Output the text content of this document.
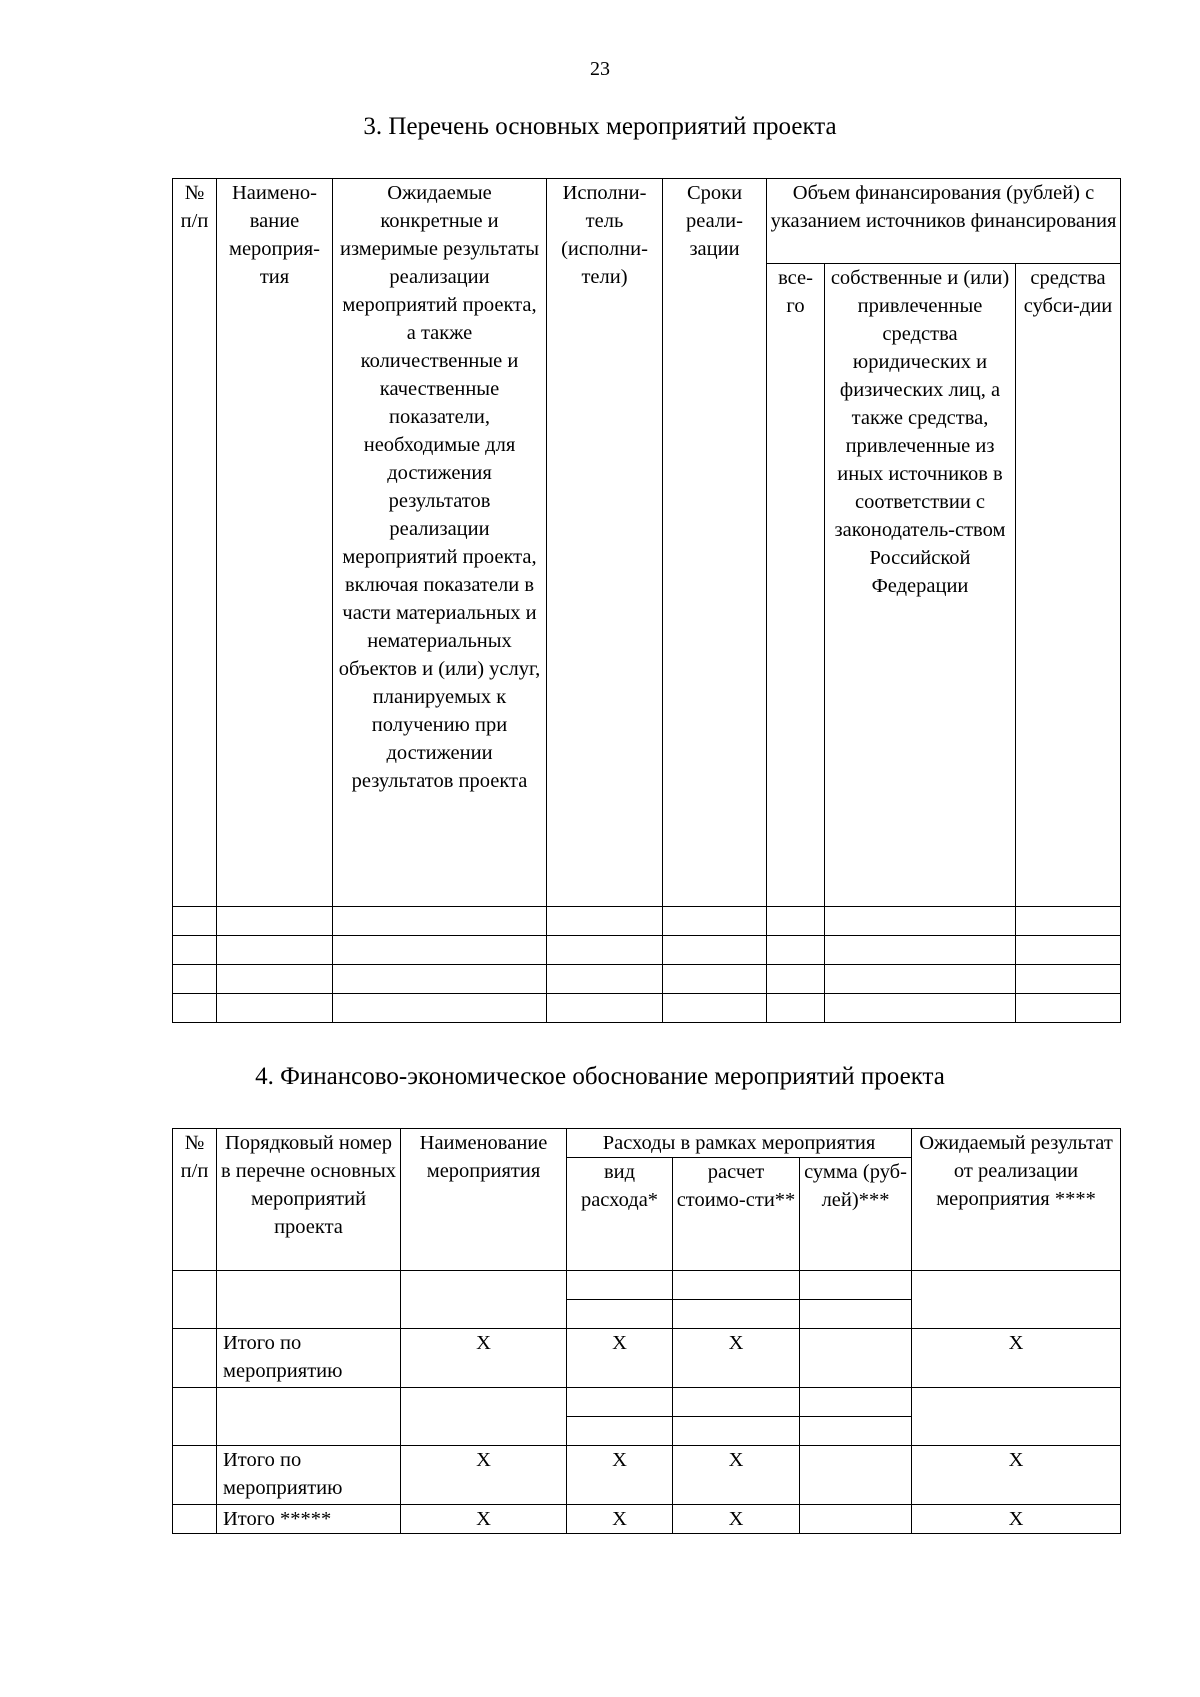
23
3. Перечень основных мероприятий проекта
№ п/п	Наимено-вание мероприя-тия	Ожидаемые конкретные и измеримые результаты реализации мероприятий проекта, а также количественные и качественные показатели, необходимые для достижения результатов реализации мероприятий проекта, включая показатели в части материальных и нематериальных объектов и (или) услуг, планируемых к получению при достижении результатов проекта	Исполни-тель (исполни-тели)	Сроки реали-зации	Объем финансирования (рублей) с указанием источников финансирования		
					все-го	собственные и (или) привлеченные средства юридических и физических лиц, а также средства, привлеченные из иных источников в соответствии с законодатель-ством Российской Федерации	средства субси-дии

4. Финансово-экономическое обоснование мероприятий проекта
№ п/п	Порядковый номер в перечне основных мероприятий проекта	Наименование мероприятия	Расходы в рамках мероприятия			Ожидаемый результат от реализации мероприятия ****
			вид расхода*	расчет стоимо-сти**	сумма (руб-лей)***	

	Итого по мероприятию	Х	Х	Х		Х

	Итого по мероприятию	Х	Х	Х		Х
	Итого *****	Х	Х	Х		Х
